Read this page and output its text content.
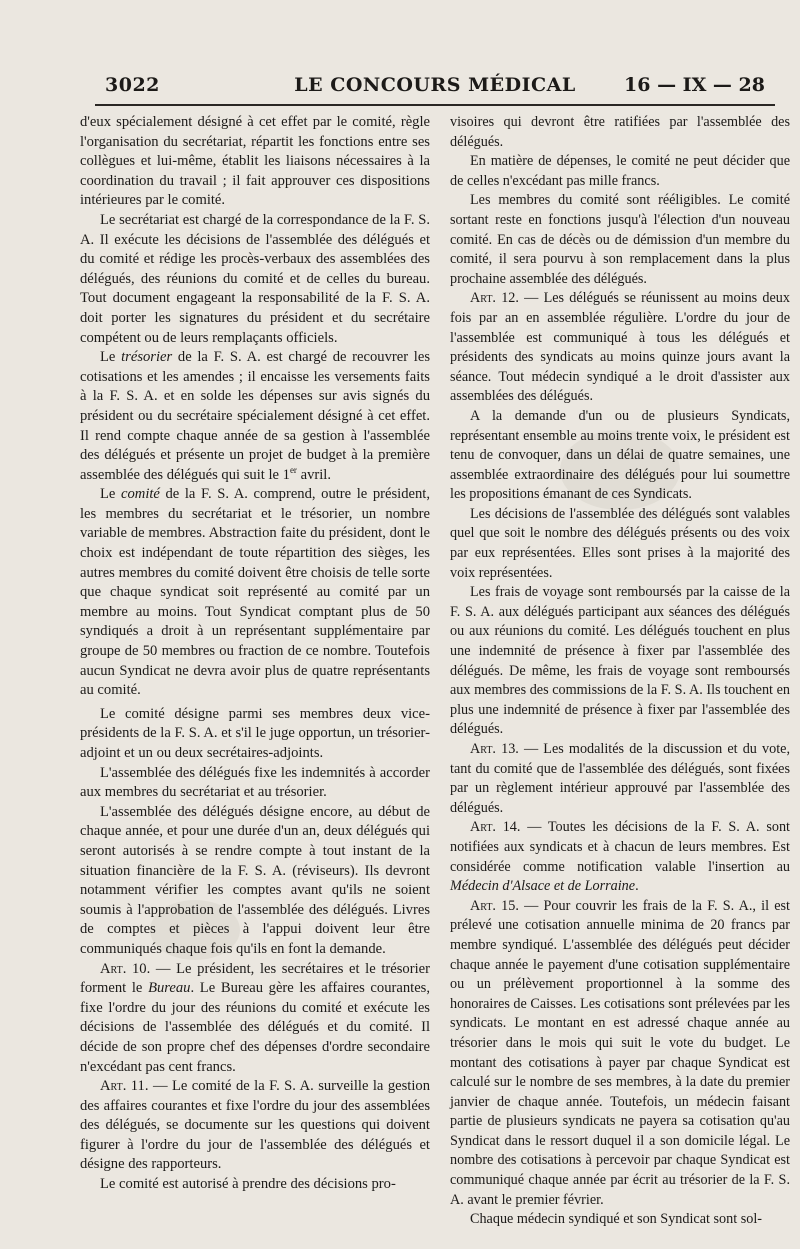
3022	LE CONCOURS MÉDICAL	16 — IX — 28

d'eux spécialement désigné à cet effet par le comité, règle l'organisation du secrétariat, répartit les fonctions entre ses collègues et lui-même, établit les liaisons nécessaires à la coordination du travail ; il fait approuver ces dispositions intérieures par le comité.

Le secrétariat est chargé de la correspondance de la F. S. A. Il exécute les décisions de l'assemblée des délégués et du comité et rédige les procès-verbaux des assemblées des délégués, des réunions du comité et de celles du bureau. Tout document engageant la responsabilité de la F. S. A. doit porter les signatures du président et du secrétaire compétent ou de leurs remplaçants officiels.

Le trésorier de la F. S. A. est chargé de recouvrer les cotisations et les amendes ; il encaisse les versements faits à la F. S. A. et en solde les dépenses sur avis signés du président ou du secrétaire spécialement désigné à cet effet. Il rend compte chaque année de sa gestion à l'assemblée des délégués et présente un projet de budget à la première assemblée des délégués qui suit le 1er avril.

Le comité de la F. S. A. comprend, outre le président, les membres du secrétariat et le trésorier, un nombre variable de membres. Abstraction faite du président, dont le choix est indépendant de toute répartition des sièges, les autres membres du comité doivent être choisis de telle sorte que chaque syndicat soit représenté au comité par un membre au moins. Tout Syndicat comptant plus de 50 syndiqués a droit à un représentant supplémentaire par groupe de 50 membres ou fraction de ce nombre. Toutefois aucun Syndicat ne devra avoir plus de quatre représentants au comité.

Le comité désigne parmi ses membres deux vice-présidents de la F. S. A. et s'il le juge opportun, un trésorier-adjoint et un ou deux secrétaires-adjoints.

L'assemblée des délégués fixe les indemnités à accorder aux membres du secrétariat et au trésorier.

L'assemblée des délégués désigne encore, au début de chaque année, et pour une durée d'un an, deux délégués qui seront autorisés à se rendre compte à tout instant de la situation financière de la F. S. A. (réviseurs). Ils devront notamment vérifier les comptes avant qu'ils ne soient soumis à l'approbation de l'assemblée des délégués. Livres de comptes et pièces à l'appui doivent leur être communiqués chaque fois qu'ils en font la demande.

Art. 10. — Le président, les secrétaires et le trésorier forment le Bureau. Le Bureau gère les affaires courantes, fixe l'ordre du jour des réunions du comité et exécute les décisions de l'assemblée des délégués et du comité. Il décide de son propre chef des dépenses d'ordre secondaire n'excédant pas cent francs.

Art. 11. — Le comité de la F. S. A. surveille la gestion des affaires courantes et fixe l'ordre du jour des assemblées des délégués, se documente sur les questions qui doivent figurer à l'ordre du jour de l'assemblée des délégués et désigne des rapporteurs.

Le comité est autorisé à prendre des décisions pro-

visoires qui devront être ratifiées par l'assemblée des délégués.

En matière de dépenses, le comité ne peut décider que de celles n'excédant pas mille francs.

Les membres du comité sont rééligibles. Le comité sortant reste en fonctions jusqu'à l'élection d'un nouveau comité. En cas de décès ou de démission d'un membre du comité, il sera pourvu à son remplacement dans la plus prochaine assemblée des délégués.

Art. 12. — Les délégués se réunissent au moins deux fois par an en assemblée régulière. L'ordre du jour de l'assemblée est communiqué à tous les délégués et présidents des syndicats au moins quinze jours avant la séance. Tout médecin syndiqué a le droit d'assister aux assemblées des délégués.

A la demande d'un ou de plusieurs Syndicats, représentant ensemble au moins trente voix, le président est tenu de convoquer, dans un délai de quatre semaines, une assemblée extraordinaire des délégués pour lui soumettre les propositions émanant de ces Syndicats.

Les décisions de l'assemblée des délégués sont valables quel que soit le nombre des délégués présents ou des voix par eux représentées. Elles sont prises à la majorité des voix représentées.

Les frais de voyage sont remboursés par la caisse de la F. S. A. aux délégués participant aux séances des délégués ou aux réunions du comité. Les délégués touchent en plus une indemnité de présence à fixer par l'assemblée des délégués. De même, les frais de voyage sont remboursés aux membres des commissions de la F. S. A. Ils touchent en plus une indemnité de présence à fixer par l'assemblée des délégués.

Art. 13. — Les modalités de la discussion et du vote, tant du comité que de l'assemblée des délégués, sont fixées par un règlement intérieur approuvé par l'assemblée des délégués.

Art. 14. — Toutes les décisions de la F. S. A. sont notifiées aux syndicats et à chacun de leurs membres. Est considérée comme notification valable l'insertion au Médecin d'Alsace et de Lorraine.

Art. 15. — Pour couvrir les frais de la F. S. A., il est prélevé une cotisation annuelle minima de 20 francs par membre syndiqué. L'assemblée des délégués peut décider chaque année le payement d'une cotisation supplémentaire ou un prélèvement proportionnel à la somme des honoraires de Caisses. Les cotisations sont prélevées par les syndicats. Le montant en est adressé chaque année au trésorier dans le mois qui suit le vote du budget. Le montant des cotisations à payer par chaque Syndicat est calculé sur le nombre de ses membres, à la date du premier janvier de chaque année. Toutefois, un médecin faisant partie de plusieurs syndicats ne payera sa cotisation qu'au Syndicat dans le ressort duquel il a son domicile légal. Le nombre des cotisations à percevoir par chaque Syndicat est communiqué chaque année par écrit au trésorier de la F. S. A. avant le premier février.

Chaque médecin syndiqué et son Syndicat sont sol-
